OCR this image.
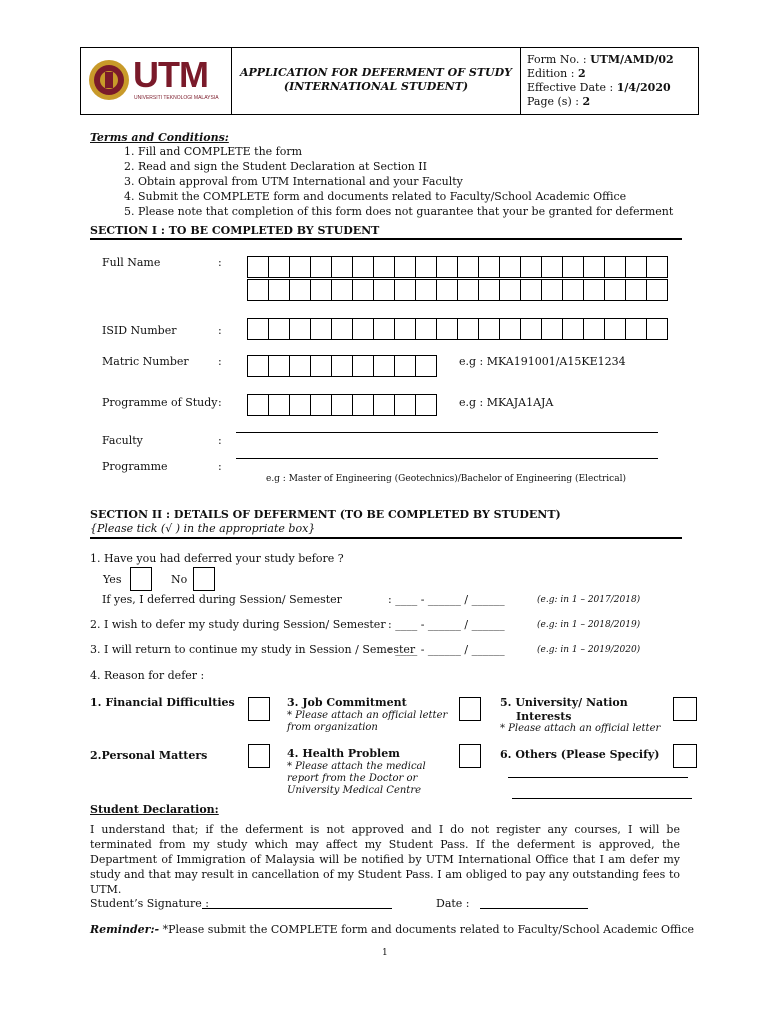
UTM
UNIVERSITI TEKNOLOGI MALAYSIA
APPLICATION FOR DEFERMENT OF STUDY
(INTERNATIONAL STUDENT)
Form No. : UTM/AMD/02
Edition : 2
Effective Date : 1/4/2020
Page (s) : 2
Terms and Conditions:
1. Fill and COMPLETE the form
2. Read and sign the Student Declaration at Section II
3. Obtain approval from UTM International and your Faculty
4. Submit the COMPLETE form and documents related to Faculty/School Academic Office
5. Please note that completion of this form does not guarantee that your be granted for deferment
SECTION I : TO BE COMPLETED BY STUDENT
Full Name	:
ISID Number	:
Matric Number	:	e.g : MKA191001/A15KE1234
Programme of Study :	e.g : MKAJA1AJA
Faculty	:
Programme	:
e.g : Master of Engineering (Geotechnics)/Bachelor of Engineering (Electrical)
SECTION II : DETAILS OF DEFERMENT (TO BE COMPLETED BY STUDENT)
{Please tick (√ ) in the appropriate box}
1. Have you had deferred your study before ?
Yes	No
If yes, I deferred during Session/ Semester	: ____ - ______ / ______	(e.g: in 1 – 2017/2018)
2. I wish to defer my study during Session/ Semester : ____ - ______ / ______	(e.g: in 1 – 2018/2019)
3. I will return to continue my study in Session / Semester
: ____ - ______ / ______	(e.g: in 1 – 2019/2020)
4. Reason for defer :
1. Financial Difficulties	3. Job Commitment
* Please attach an official letter
from organization
5. University/ Nation
Interests
* Please attach an official letter
2.Personal Matters	4. Health Problem
* Please attach the medical
report from the Doctor or
University Medical Centre
6. Others (Please Specify)
Student Declaration:
I understand that; if the deferment is not approved and I do not register any courses, I will be terminated from my study which may affect my Student Pass. If the deferment is approved, the Department of Immigration of Malaysia will be notified by UTM International Office that I am defer my study and that may result in cancellation of my Student Pass. I am obliged to pay any outstanding fees to UTM.
Student’s Signature :	Date :
Reminder:- *Please submit the COMPLETE form and documents related to Faculty/School Academic Office
1
